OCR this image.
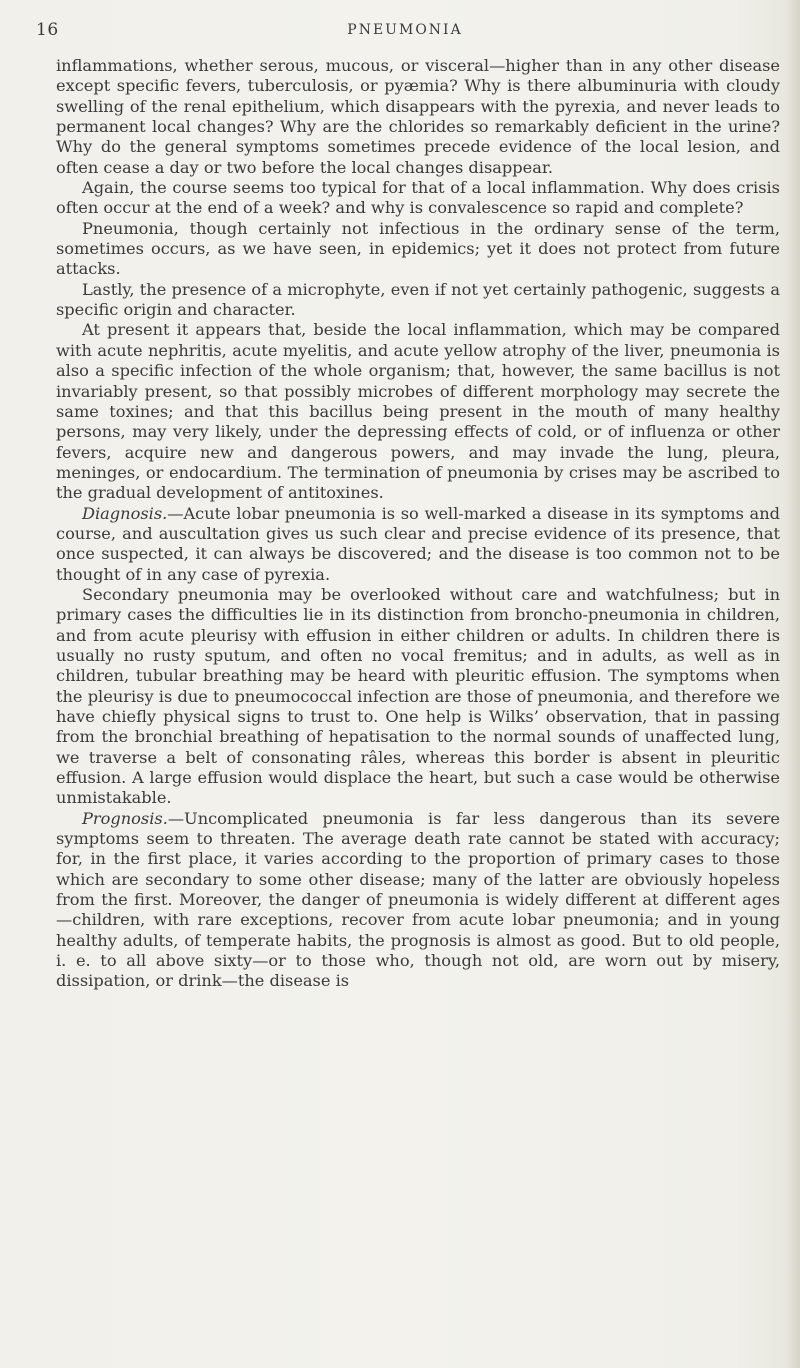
16	PNEUMONIA

inflammations, whether serous, mucous, or visceral—higher than in any other disease except specific fevers, tuberculosis, or pyæmia? Why is there albuminuria with cloudy swelling of the renal epithelium, which disappears with the pyrexia, and never leads to permanent local changes? Why are the chlorides so remarkably deficient in the urine? Why do the general symptoms sometimes precede evidence of the local lesion, and often cease a day or two before the local changes disappear.

Again, the course seems too typical for that of a local inflammation. Why does crisis often occur at the end of a week? and why is convalescence so rapid and complete?

Pneumonia, though certainly not infectious in the ordinary sense of the term, sometimes occurs, as we have seen, in epidemics; yet it does not protect from future attacks.

Lastly, the presence of a microphyte, even if not yet certainly pathogenic, suggests a specific origin and character.

At present it appears that, beside the local inflammation, which may be compared with acute nephritis, acute myelitis, and acute yellow atrophy of the liver, pneumonia is also a specific infection of the whole organism; that, however, the same bacillus is not invariably present, so that possibly microbes of different morphology may secrete the same toxines; and that this bacillus being present in the mouth of many healthy persons, may very likely, under the depressing effects of cold, or of influenza or other fevers, acquire new and dangerous powers, and may invade the lung, pleura, meninges, or endocardium. The termination of pneumonia by crises may be ascribed to the gradual development of antitoxines.

Diagnosis.—Acute lobar pneumonia is so well-marked a disease in its symptoms and course, and auscultation gives us such clear and precise evidence of its presence, that once suspected, it can always be discovered; and the disease is too common not to be thought of in any case of pyrexia.

Secondary pneumonia may be overlooked without care and watchfulness; but in primary cases the difficulties lie in its distinction from broncho-pneumonia in children, and from acute pleurisy with effusion in either children or adults. In children there is usually no rusty sputum, and often no vocal fremitus; and in adults, as well as in children, tubular breathing may be heard with pleuritic effusion. The symptoms when the pleurisy is due to pneumococcal infection are those of pneumonia, and therefore we have chiefly physical signs to trust to. One help is Wilks’ observation, that in passing from the bronchial breathing of hepatisation to the normal sounds of unaffected lung, we traverse a belt of consonating râles, whereas this border is absent in pleuritic effusion. A large effusion would displace the heart, but such a case would be otherwise unmistakable.

Prognosis.—Uncomplicated pneumonia is far less dangerous than its severe symptoms seem to threaten. The average death rate cannot be stated with accuracy; for, in the first place, it varies according to the proportion of primary cases to those which are secondary to some other disease; many of the latter are obviously hopeless from the first. Moreover, the danger of pneumonia is widely different at different ages—children, with rare exceptions, recover from acute lobar pneumonia; and in young healthy adults, of temperate habits, the prognosis is almost as good. But to old people, i. e. to all above sixty—or to those who, though not old, are worn out by misery, dissipation, or drink—the disease is
